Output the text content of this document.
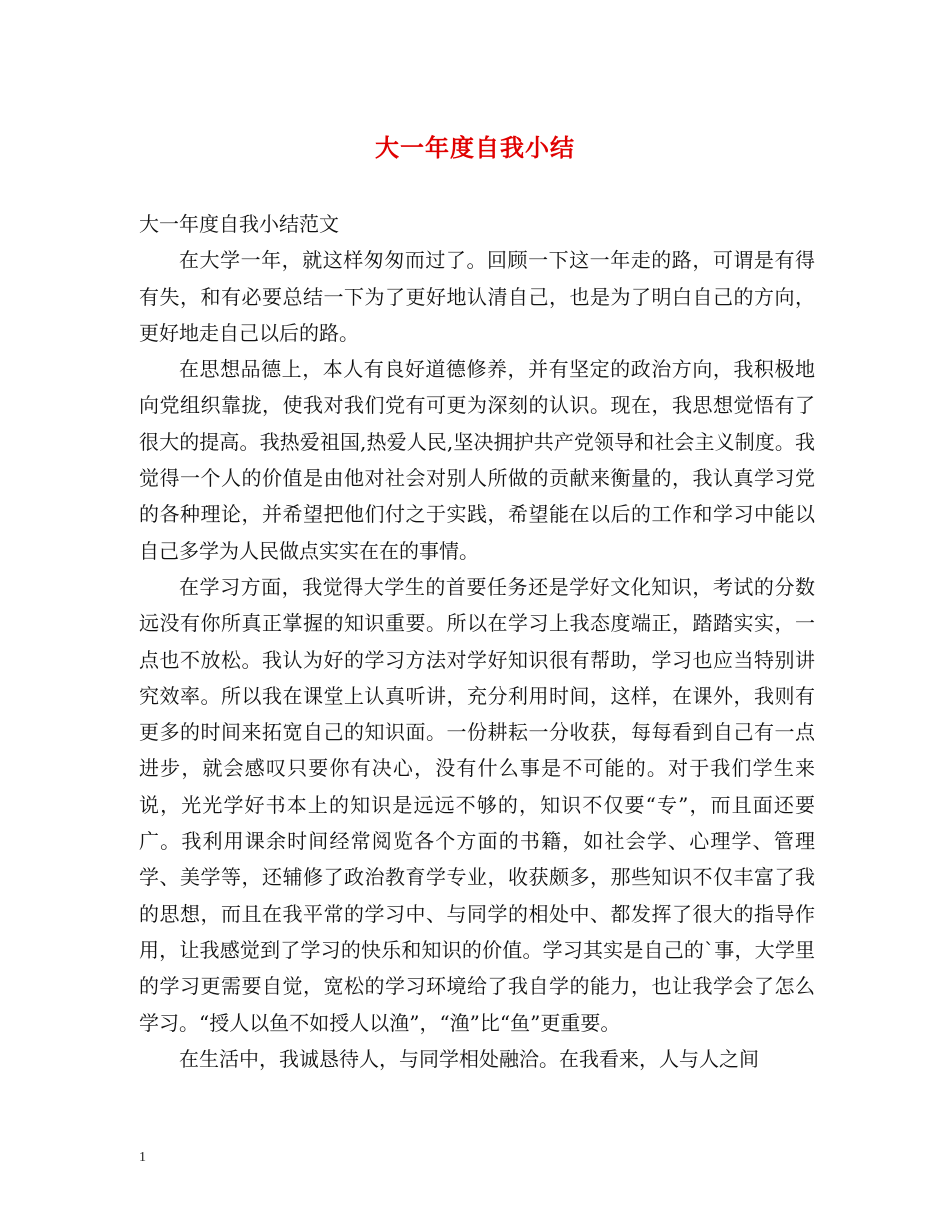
大一年度自我小结

大一年度自我小结范文

在大学一年，就这样匆匆而过了。回顾一下这一年走的路，可谓是有得有失，和有必要总结一下为了更好地认清自己，也是为了明白自己的方向，更好地走自己以后的路。

在思想品德上，本人有良好道德修养，并有坚定的政治方向，我积极地向党组织靠拢，使我对我们党有可更为深刻的认识。现在，我思想觉悟有了很大的提高。我热爱祖国,热爱人民,坚决拥护共产党领导和社会主义制度。我觉得一个人的价值是由他对社会对别人所做的贡献来衡量的，我认真学习党的各种理论，并希望把他们付之于实践，希望能在以后的工作和学习中能以自己多学为人民做点实实在在的事情。

在学习方面，我觉得大学生的首要任务还是学好文化知识，考试的分数远没有你所真正掌握的知识重要。所以在学习上我态度端正，踏踏实实，一点也不放松。我认为好的学习方法对学好知识很有帮助，学习也应当特别讲究效率。所以我在课堂上认真听讲，充分利用时间，这样，在课外，我则有更多的时间来拓宽自己的知识面。一份耕耘一分收获，每每看到自己有一点进步，就会感叹只要你有决心，没有什么事是不可能的。对于我们学生来说，光光学好书本上的知识是远远不够的，知识不仅要“专”，而且面还要广。我利用课余时间经常阅览各个方面的书籍，如社会学、心理学、管理学、美学等，还辅修了政治教育学专业，收获颇多，那些知识不仅丰富了我的思想，而且在我平常的学习中、与同学的相处中、都发挥了很大的指导作用，让我感觉到了学习的快乐和知识的价值。学习其实是自己的`事，大学里的学习更需要自觉，宽松的学习环境给了我自学的能力，也让我学会了怎么学习。“授人以鱼不如授人以渔”，“渔”比“鱼”更重要。

在生活中，我诚恳待人，与同学相处融洽。在我看来，人与人之间

1
